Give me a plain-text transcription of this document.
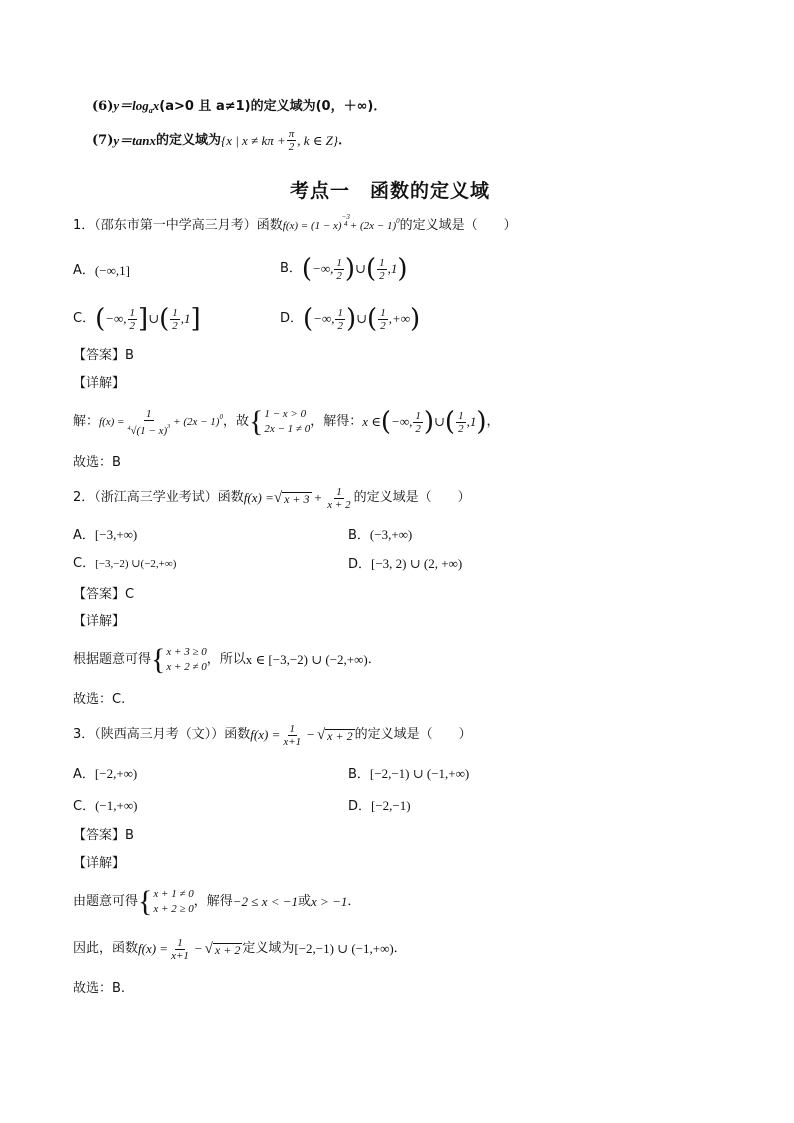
$(6)y=\log_ax(a>0$ 且 a≠1)的定义域为(0，＋∞)．
(7) y＝tanx 的定义域为 {x | $x \ne k\pi + \frac{\pi}{2}$ , k ∈ Z} ．
考点一　函数的定义域
1．（邵东市第一中学高三月考）函数 f(x) = (1 − x)
−3
4 + (2x − 1) 0 的定义域是（　　）
A． (−∞,1]	B． ( −∞, $\frac{1}{2}$ ) ∪ ( $\frac{1}{2} ,1$ )
C． ( −∞, $\frac{1}{2}$ ] ∪ ( $\frac{1}{2} ,1$ ]	D． ( −∞, $\frac{1}{2}$ ) ∪ ( $\frac{1}{2}$ ,+∞ )
【答案】B
【详解】
解： $f(x) = \frac{1}{^4√(1 - x)^3} + (2x - 1)$ 0 ，故 { 1 − x > 0
2x − 1 ≠ 0 ，解得： x ∈ ( −∞, $\frac{1}{2}$ ) ∪ ( $\frac{1}{2} ,1$ ) ，
故选：B
2．（浙江高三学业考试）函数 f(x) = √ $x + 3 + \frac{1}{x + 2}$ 的定义域是（　　）
A．[−3,+∞)	B．(−3,+∞)
C．[−3,−2) ∪(−2,+∞)	D．[−3, 2) ∪ (2, +∞)
【答案】C
【详解】
根据题意可得 { x + 3 ≥ 0
x + 2 ≠ 0 ，所以 x ∈ [−3,−2) ∪ (−2,+∞) ．
故选：C.
3．（陕西高三月考（文））函数 $f(x) = \frac{1}{x+1}$ − √ x + 2 的定义域是（　　）
A．[−2,+∞)	B．[−2,−1) ∪ (−1,+∞)
C．(−1,+∞)	D．[−2,−1)
【答案】B
【详解】
由题意可得 { x + 1 ≠ 0
x + 2 ≥ 0 ，解得 −2 ≤ x < −1 或 x > −1 ．
因此，函数 $f(x) = \frac{1}{x+1}$ − √ x + 2 定义域为 [−2,−1) ∪ (−1,+∞) ．
故选：B.
